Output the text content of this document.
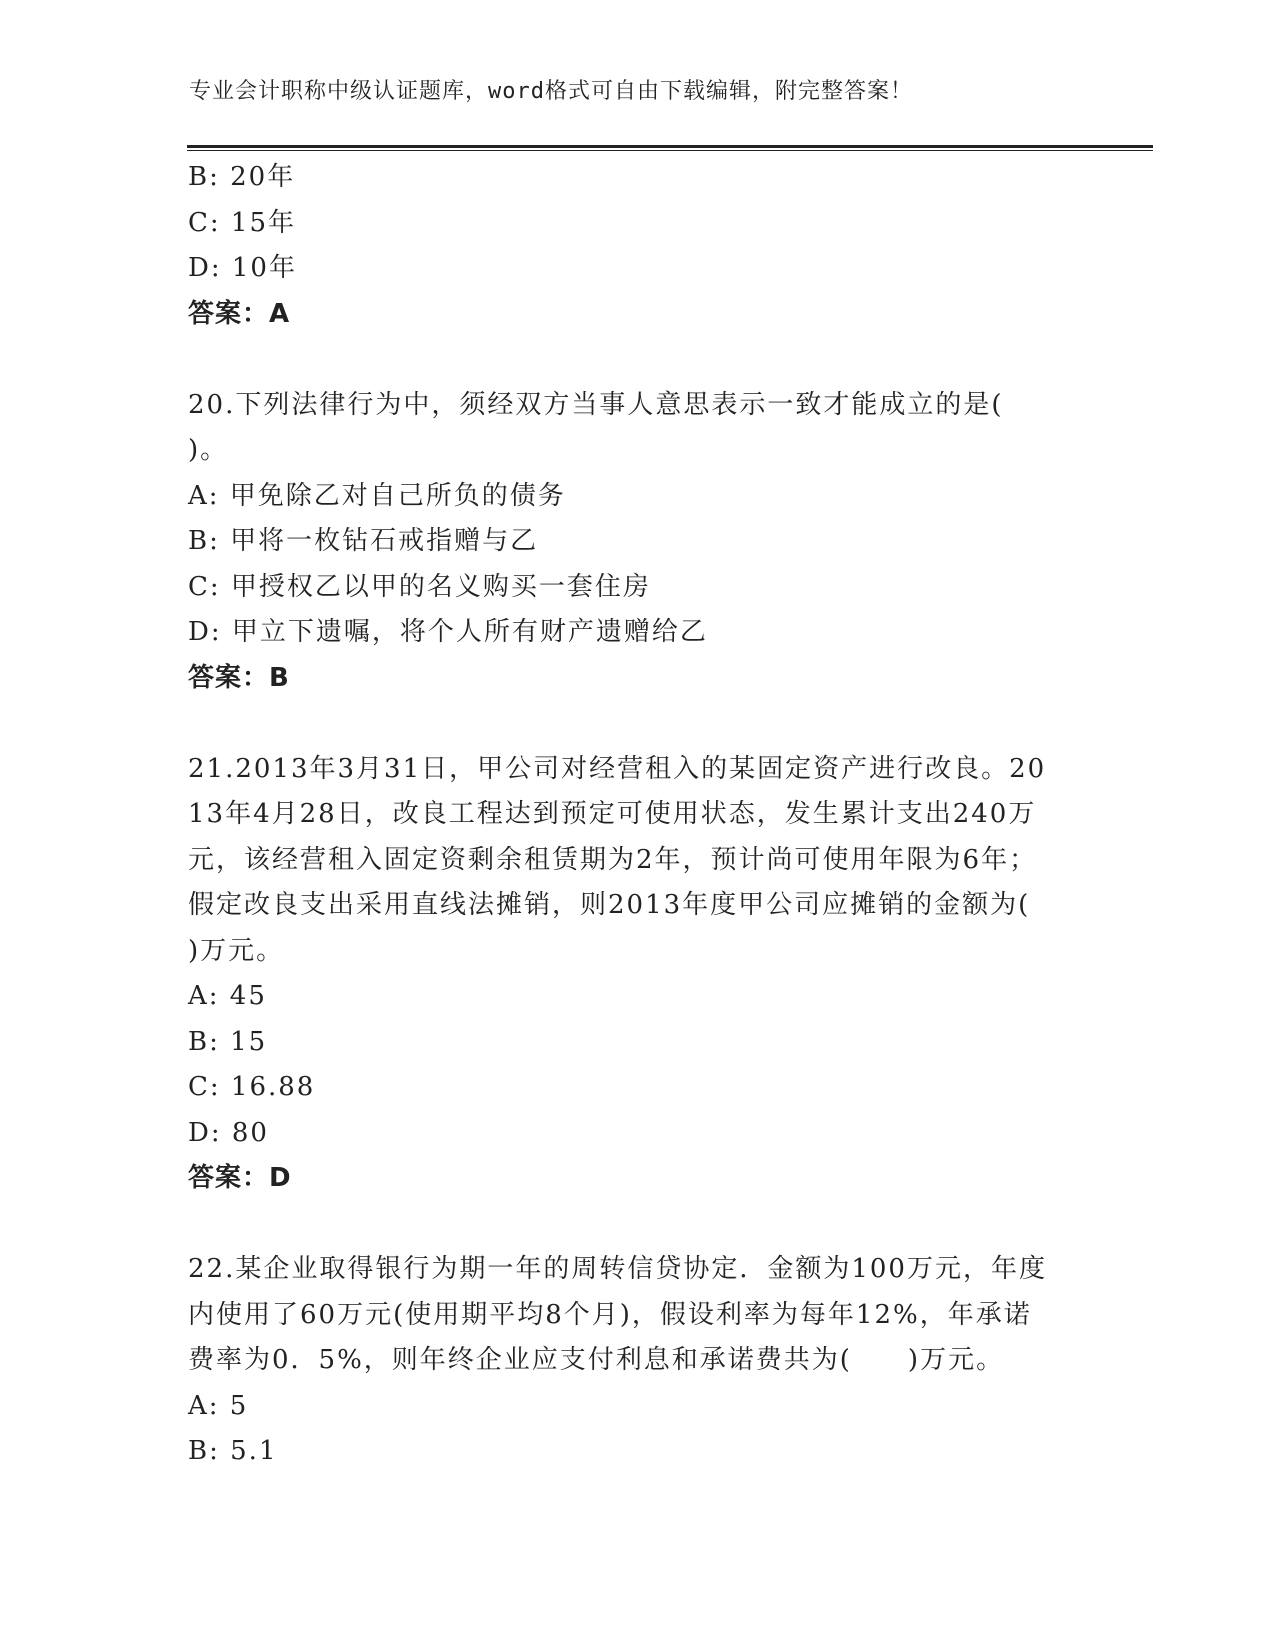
专业会计职称中级认证题库，word格式可自由下载编辑，附完整答案！
B: 20年
C: 15年
D: 10年
答案：A
20.下列法律行为中，须经双方当事人意思表示一致才能成立的是( )。
A: 甲免除乙对自己所负的债务
B: 甲将一枚钻石戒指赠与乙
C: 甲授权乙以甲的名义购买一套住房
D: 甲立下遗嘱，将个人所有财产遗赠给乙
答案：B
21.2013年3月31日，甲公司对经营租入的某固定资产进行改良。2013年4月28日，改良工程达到预定可使用状态，发生累计支出240万元，该经营租入固定资剩余租赁期为2年，预计尚可使用年限为6年；假定改良支出采用直线法摊销，则2013年度甲公司应摊销的金额为(　　)万元。
A: 45
B: 15
C: 16.88
D: 80
答案：D
22.某企业取得银行为期一年的周转信贷协定．金额为100万元，年度内使用了60万元(使用期平均8个月)，假设利率为每年12%，年承诺费率为0．5%，则年终企业应支付利息和承诺费共为(　　)万元。
A: 5
B: 5.1
